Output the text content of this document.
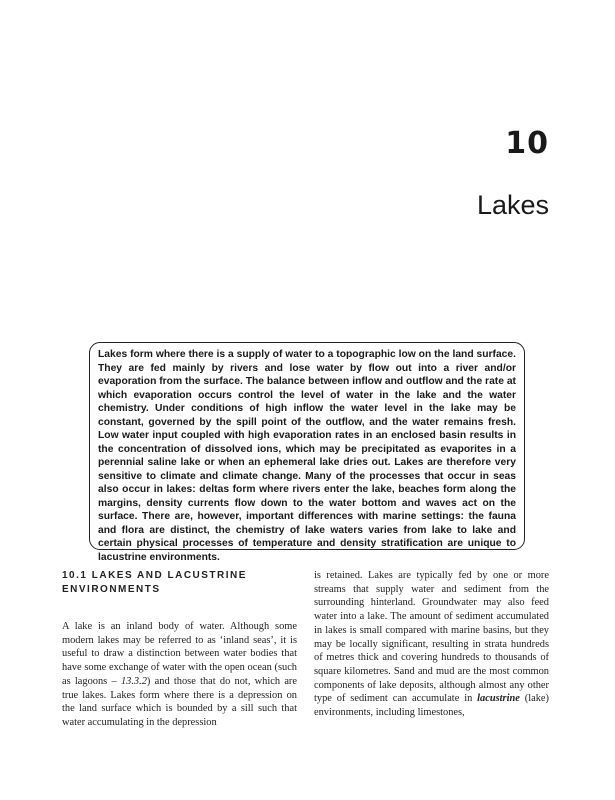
10
Lakes

Lakes form where there is a supply of water to a topographic low on the land surface. They are fed mainly by rivers and lose water by flow out into a river and/or evaporation from the surface. The balance between inflow and outflow and the rate at which evaporation occurs control the level of water in the lake and the water chemistry. Under conditions of high inflow the water level in the lake may be constant, governed by the spill point of the outflow, and the water remains fresh. Low water input coupled with high evaporation rates in an enclosed basin results in the concentration of dissolved ions, which may be precipitated as evaporites in a perennial saline lake or when an ephemeral lake dries out. Lakes are therefore very sensitive to climate and climate change. Many of the processes that occur in seas also occur in lakes: deltas form where rivers enter the lake, beaches form along the margins, density currents flow down to the water bottom and waves act on the surface. There are, however, important differences with marine settings: the fauna and flora are distinct, the chemistry of lake waters varies from lake to lake and certain physical processes of temperature and density stratification are unique to lacustrine environments.

10.1 LAKES AND LACUSTRINE ENVIRONMENTS

A lake is an inland body of water. Although some modern lakes may be referred to as ‘inland seas’, it is useful to draw a distinction between water bodies that have some exchange of water with the open ocean (such as lagoons – 13.3.2) and those that do not, which are true lakes. Lakes form where there is a depression on the land surface which is bounded by a sill such that water accumulating in the depression

is retained. Lakes are typically fed by one or more streams that supply water and sediment from the surrounding hinterland. Groundwater may also feed water into a lake. The amount of sediment accumulated in lakes is small compared with marine basins, but they may be locally significant, resulting in strata hundreds of metres thick and covering hundreds to thousands of square kilometres. Sand and mud are the most common components of lake deposits, although almost any other type of sediment can accumulate in lacustrine (lake) environments, including limestones,
